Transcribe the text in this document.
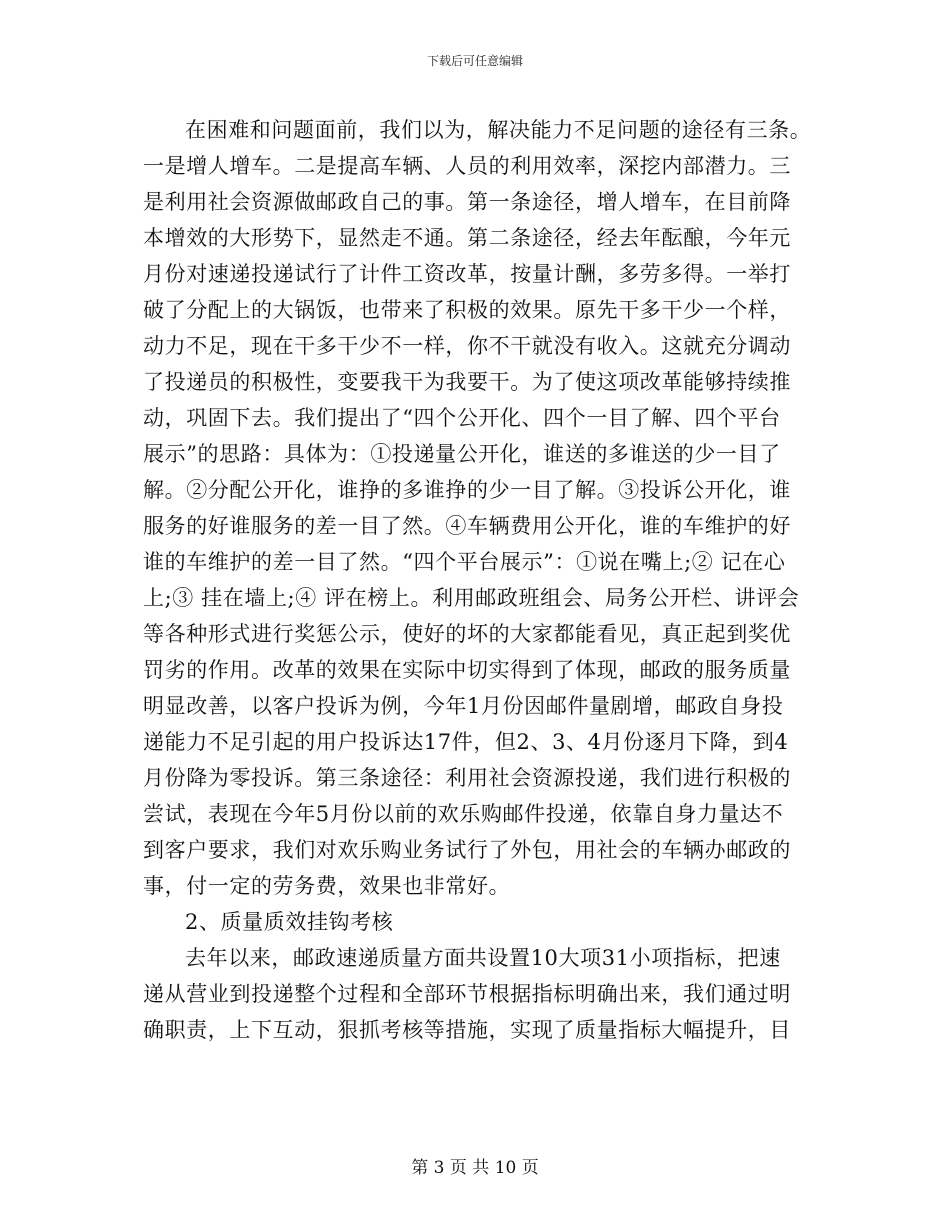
下载后可任意编辑
在困难和问题面前，我们以为，解决能力不足问题的途径有三条。
一是增人增车。二是提高车辆、人员的利用效率，深挖内部潜力。三
是利用社会资源做邮政自己的事。第一条途径，增人增车，在目前降
本增效的大形势下，显然走不通。第二条途径，经去年酝酿，今年元
月份对速递投递试行了计件工资改革，按量计酬，多劳多得。一举打
破了分配上的大锅饭，也带来了积极的效果。原先干多干少一个样，
动力不足，现在干多干少不一样，你不干就没有收入。这就充分调动
了投递员的积极性，变要我干为我要干。为了使这项改革能够持续推
动，巩固下去。我们提出了“四个公开化、四个一目了解、四个平台
展示”的思路：具体为：①投递量公开化，谁送的多谁送的少一目了
解。②分配公开化，谁挣的多谁挣的少一目了解。③投诉公开化，谁
服务的好谁服务的差一目了然。④车辆费用公开化，谁的车维护的好
谁的车维护的差一目了然。“四个平台展示”：①说在嘴上;② 记在心
上;③ 挂在墙上;④ 评在榜上。利用邮政班组会、局务公开栏、讲评会
等各种形式进行奖惩公示，使好的坏的大家都能看见，真正起到奖优
罚劣的作用。改革的效果在实际中切实得到了体现，邮政的服务质量
明显改善，以客户投诉为例，今年1月份因邮件量剧增，邮政自身投
递能力不足引起的用户投诉达17件，但2、3、4月份逐月下降，到4
月份降为零投诉。第三条途径：利用社会资源投递，我们进行积极的
尝试，表现在今年5月份以前的欢乐购邮件投递，依靠自身力量达不
到客户要求，我们对欢乐购业务试行了外包，用社会的车辆办邮政的
事，付一定的劳务费，效果也非常好。
2、质量质效挂钩考核
去年以来，邮政速递质量方面共设置10大项31小项指标，把速
递从营业到投递整个过程和全部环节根据指标明确出来，我们通过明
确职责，上下互动，狠抓考核等措施，实现了质量指标大幅提升，目
第 3 页 共 10 页
